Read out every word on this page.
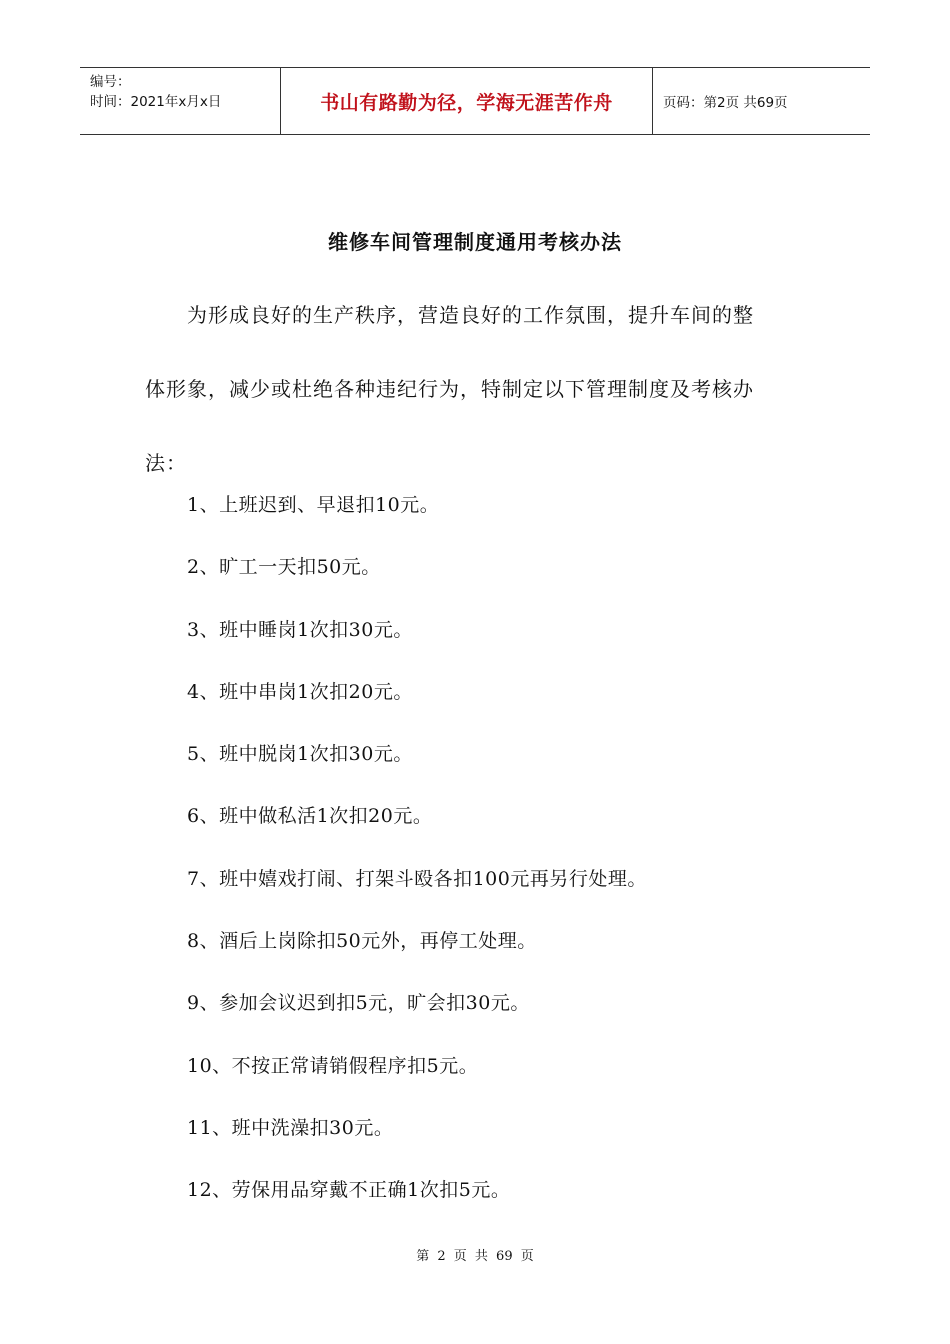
编号：
时间：2021年x月x日	书山有路勤为径，学海无涯苦作舟	页码：第2页 共69页
维修车间管理制度通用考核办法
为形成良好的生产秩序，营造良好的工作氛围，提升车间的整
体形象，减少或杜绝各种违纪行为，特制定以下管理制度及考核办
法：
1、上班迟到、早退扣10元。
2、旷工一天扣50元。
3、班中睡岗1次扣30元。
4、班中串岗1次扣20元。
5、班中脱岗1次扣30元。
6、班中做私活1次扣20元。
7、班中嬉戏打闹、打架斗殴各扣100元再另行处理。
8、酒后上岗除扣50元外，再停工处理。
9、参加会议迟到扣5元，旷会扣30元。
10、不按正常请销假程序扣5元。
11、班中洗澡扣30元。
12、劳保用品穿戴不正确1次扣5元。
第 2 页 共 69 页
